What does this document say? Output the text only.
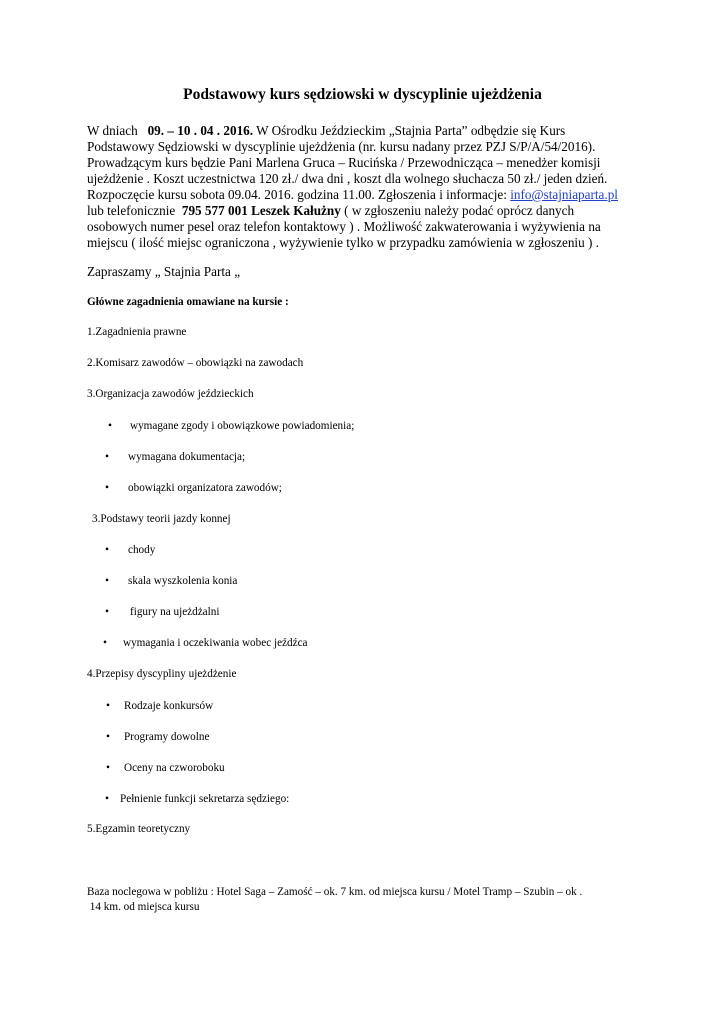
Podstawowy kurs sędziowski w dyscyplinie ujeżdżenia
W dniach   09. – 10 . 04 . 2016. W Ośrodku Jeździeckim „Stajnia Parta” odbędzie się Kurs
Podstawowy Sędziowski w dyscyplinie ujeżdżenia (nr. kursu nadany przez PZJ S/P/A/54/2016).
Prowadzącym kurs będzie Pani Marlena Gruca – Rucińska / Przewodnicząca – menedżer komisji
ujeżdżenie . Koszt uczestnictwa 120 zł./ dwa dni , koszt dla wolnego słuchacza 50 zł./ jeden dzień.
Rozpoczęcie kursu sobota 09.04. 2016. godzina 11.00. Zgłoszenia i informacje: info@stajniaparta.pl
lub telefonicznie  795 577 001 Leszek Kałużny ( w zgłoszeniu należy podać oprócz danych
osobowych numer pesel oraz telefon kontaktowy ) . Możliwość zakwaterowania i wyżywienia na
miejscu ( ilość miejsc ograniczona , wyżywienie tylko w przypadku zamówienia w zgłoszeniu ) .
Zapraszamy „ Stajnia Parta „
Główne zagadnienia omawiane na kursie :
1.Zagadnienia prawne
2.Komisarz zawodów – obowiązki na zawodach
3.Organizacja zawodów jeździeckich
• wymagane zgody i obowiązkowe powiadomienia;
• wymagana dokumentacja;
• obowiązki organizatora zawodów;
3.Podstawy teorii jazdy konnej
• chody
• skala wyszkolenia konia
• figury na ujeżdżalni
• wymagania i oczekiwania wobec jeźdźca
4.Przepisy dyscypliny ujeżdżenie
• Rodzaje konkursów
• Programy dowolne
• Oceny na czworoboku
• Pełnienie funkcji sekretarza sędziego:
5.Egzamin teoretyczny
Baza noclegowa w pobliżu : Hotel Saga – Zamość – ok. 7 km. od miejsca kursu / Motel Tramp – Szubin – ok .
14 km. od miejsca kursu
